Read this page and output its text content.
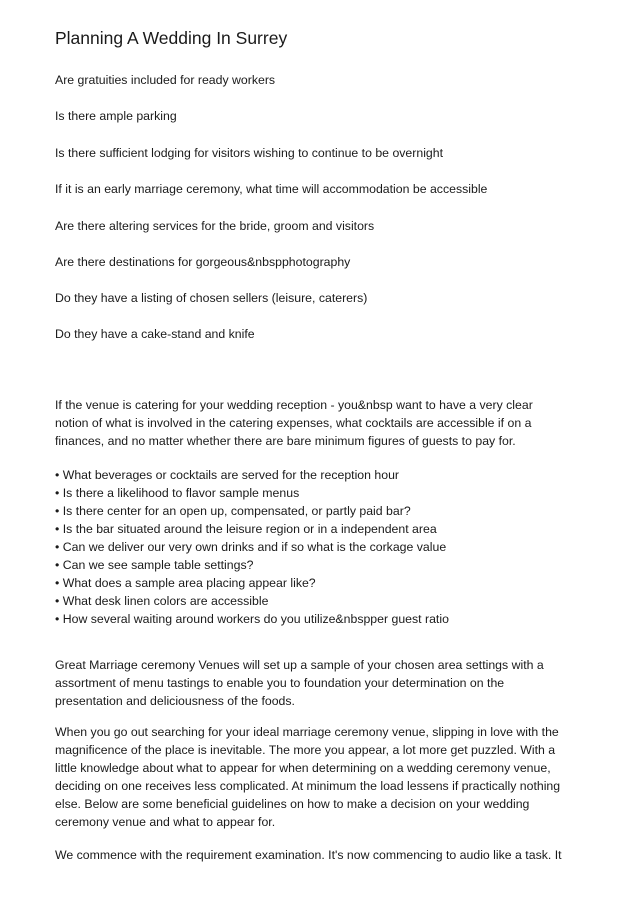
Planning A Wedding In Surrey

Are gratuities included for ready workers

Is there ample parking

Is there sufficient lodging for visitors wishing to continue to be overnight

If it is an early marriage ceremony, what time will accommodation be accessible

Are there altering services for the bride, groom and visitors

Are there destinations for gorgeous&nbspphotography

Do they have a listing of chosen sellers (leisure, caterers)

Do they have a cake-stand and knife

If the venue is catering for your wedding reception - you&nbsp want to have a very clear
notion of what is involved in the catering expenses, what cocktails are accessible if on a
finances, and no matter whether there are bare minimum figures of guests to pay for.

• What beverages or cocktails are served for the reception hour
• Is there a likelihood to flavor sample menus
• Is there center for an open up, compensated, or partly paid bar?
• Is the bar situated around the leisure region or in a independent area
• Can we deliver our very own drinks and if so what is the corkage value
• Can we see sample table settings?
• What does a sample area placing appear like?
• What desk linen colors are accessible
• How several waiting around workers do you utilize&nbspper guest ratio

Great Marriage ceremony Venues will set up a sample of your chosen area settings with a
assortment of menu tastings to enable you to foundation your determination on the
presentation and deliciousness of the foods.

When you go out searching for your ideal marriage ceremony venue, slipping in love with the
magnificence of the place is inevitable. The more you appear, a lot more get puzzled. With a
little knowledge about what to appear for when determining on a wedding ceremony venue,
deciding on one receives less complicated. At minimum the load lessens if practically nothing
else. Below are some beneficial guidelines on how to make a decision on your wedding
ceremony venue and what to appear for.

We commence with the requirement examination. It's now commencing to audio like a task. It
